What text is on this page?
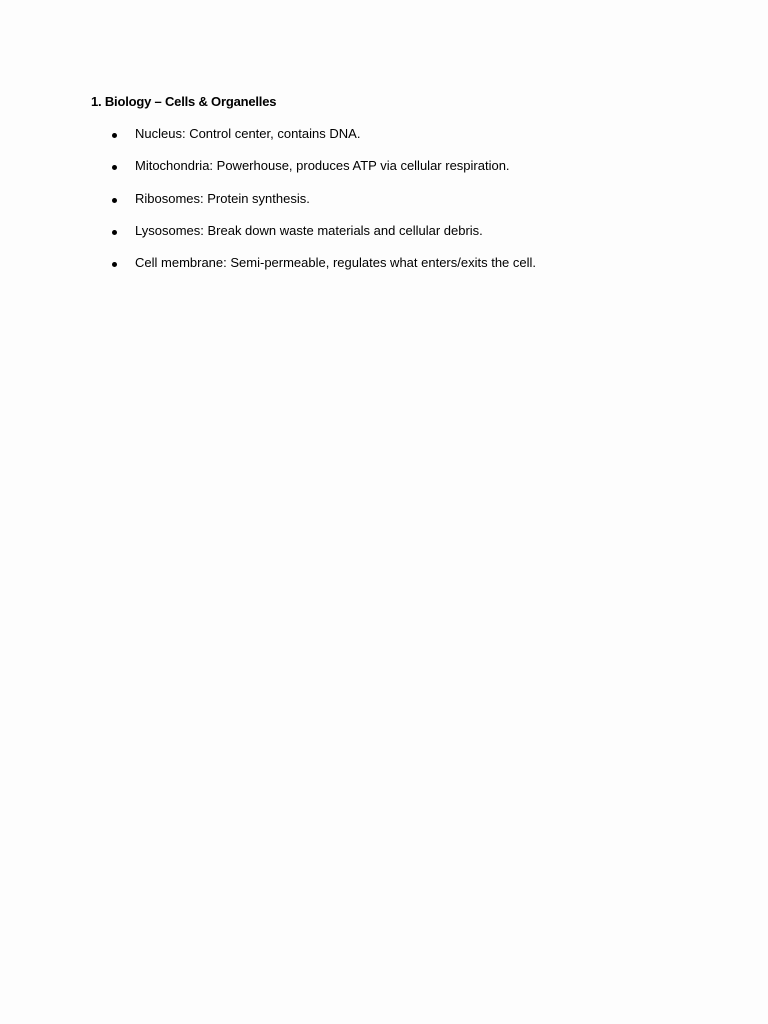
1. Biology – Cells & Organelles
Nucleus: Control center, contains DNA.
Mitochondria: Powerhouse, produces ATP via cellular respiration.
Ribosomes: Protein synthesis.
Lysosomes: Break down waste materials and cellular debris.
Cell membrane: Semi-permeable, regulates what enters/exits the cell.
